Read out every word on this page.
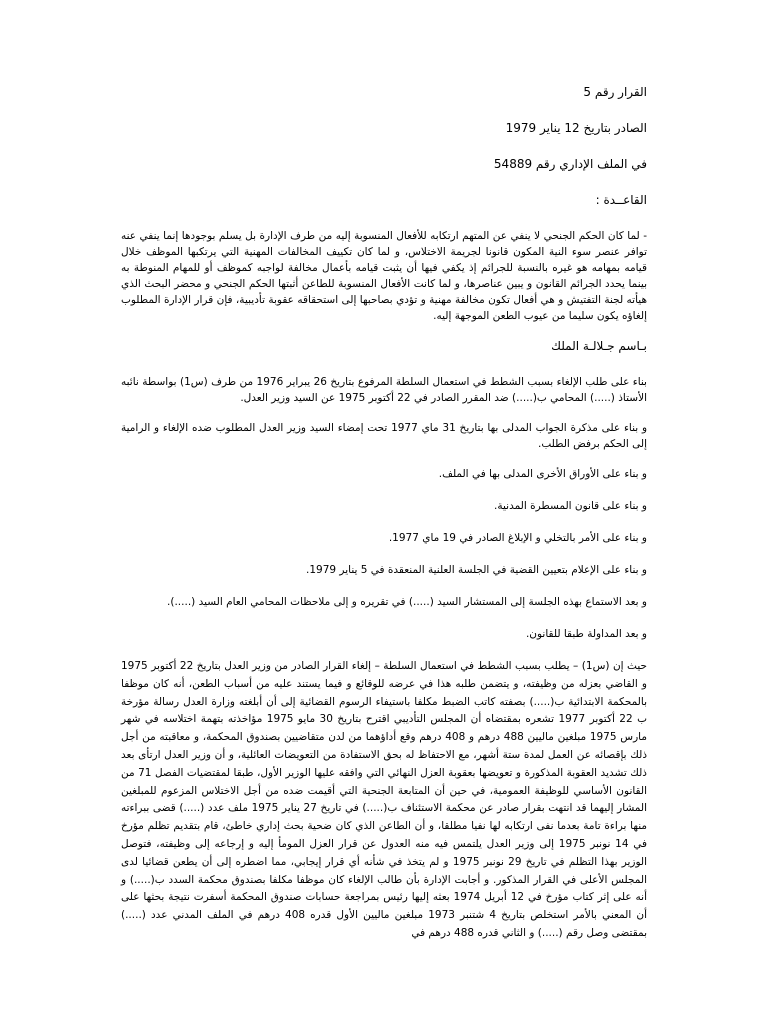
القرار رقم 5
الصادر بتاريخ 12 يناير 1979
في الملف الإداري رقم 54889
القاعــدة :

- لما كان الحكم الجنحي لا ينفي عن المتهم ارتكابه للأفعال المنسوبة إليه من طرف الإدارة بل يسلم بوجودها إنما ينفي عنه توافر عنصر سوء النية المكون قانونا لجريمة الاختلاس، و لما كان تكييف المخالفات المهنية التي يرتكبها الموظف خلال قيامه بمهامه هو غيره بالنسبة للجرائم إذ يكفي فيها أن يثبت قيامه بأعمال مخالفة لواجبه كموظف أو للمهام المنوطة به بينما يحدد الجرائم القانون و يبين عناصرها، و لما كانت الأفعال المنسوبة للطاعن أثبتها الحكم الجنحي و محضر البحث الذي هيأته لجنة التفتيش و هي أفعال تكون مخالفة مهنية و تؤدي بصاحبها إلى استحقاقه عقوبة تأديبية، فإن قرار الإدارة المطلوب إلغاؤه يكون سليما من عيوب الطعن الموجهة إليه.

بـاسم جـلالـة الملك

بناء على طلب الإلغاء بسبب الشطط في استعمال السلطة المرفوع بتاريخ 26 يبراير 1976 من طرف (س1) بواسطة نائبه الأستاذ (.....) المحامي ب(.....) ضد المقرر الصادر في 22 أكتوبر 1975 عن السيد وزير العدل.

و بناء على مذكرة الجواب المدلى بها بتاريخ 31 ماي 1977 تحت إمضاء السيد وزير العدل المطلوب ضده الإلغاء و الرامية إلى الحكم برفض الطلب.

و بناء على الأوراق الأخرى المدلى بها في الملف.

و بناء على قانون المسطرة المدنية.

و بناء على الأمر بالتخلي و الإبلاغ الصادر في 19 ماي 1977.

و بناء على الإعلام بتعيين القضية في الجلسة العلنية المنعقدة في 5 يناير 1979.

و بعد الاستماع بهذه الجلسة إلى المستشار السيد (.....) في تقريره و إلى ملاحظات المحامي العام السيد (.....).

و بعد المداولة طبقا للقانون.

حيث إن (س1) – يطلب بسبب الشطط في استعمال السلطة – إلغاء القرار الصادر من وزير العدل بتاريخ 22 أكتوبر 1975 و القاضي بعزله من وظيفته، و يتضمن طلبه هذا في عرضه للوقائع و فيما يستند عليه من أسباب الطعن، أنه كان موظفا بالمحكمة الابتدائية ب(.....) بصفته كاتب الضبط مكلفا باستيفاء الرسوم القضائية إلى أن أبلغته وزارة العدل رسالة مؤرخة ب 22 أكتوبر 1977 تشعره بمقتضاه أن المجلس التأديبي اقترح بتاريخ 30 مايو 1975 مؤاخذته بتهمة اختلاسه في شهر مارس 1975 مبلغين ماليين 488 درهم و 408 درهم وقع أداؤهما من لدن متقاضيين بصندوق المحكمة، و معاقبته من أجل ذلك بإقصائه عن العمل لمدة ستة أشهر، مع الاحتفاظ له بحق الاستفادة من التعويضات العائلية، و أن وزير العدل ارتأى بعد ذلك تشديد العقوبة المذكورة و تعويضها بعقوبة العزل النهائي التي وافقه عليها الوزير الأول، طبقا لمقتضيات الفصل 71 من القانون الأساسي للوظيفة العمومية، في حين أن المتابعة الجنحية التي أقيمت ضده من أجل الاختلاس المزعوم للمبلغين المشار إليهما قد انتهت بقرار صادر عن محكمة الاستئناف ب(.....) في تاريخ 27 يناير 1975 ملف عدد (.....) قضى ببراءته منها براءة تامة بعدما نفى ارتكابه لها نفيا مطلقا، و أن الطاعن الذي كان ضحية بحث إداري خاطئ، قام بتقديم تظلم مؤرخ في 14 نونبر 1975 إلى وزير العدل يلتمس فيه منه العدول عن قرار العزل المومأ إليه و إرجاعه إلى وظيفته، فتوصل الوزير بهذا التظلم في تاريخ 29 نونبر 1975 و لم يتخذ في شأنه أي قرار إيجابي، مما اضطره إلى أن يطعن قضائيا لدى المجلس الأعلى في القرار المذكور. و أجابت الإدارة بأن طالب الإلغاء كان موظفا مكلفا بصندوق محكمة السدد ب(.....) و أنه على إثر كتاب مؤرخ في 12 أبريل 1974 بعثه إليها رئيس بمراجعة حسابات صندوق المحكمة أسفرت نتيجة بحثها على أن المعني بالأمر استخلص بتاريخ 4 شتنبر 1973 مبلغين ماليين الأول قدره 408 درهم في الملف المدني عدد (.....) بمقتضى وصل رقم (.....) و الثاني قدره 488 درهم في
